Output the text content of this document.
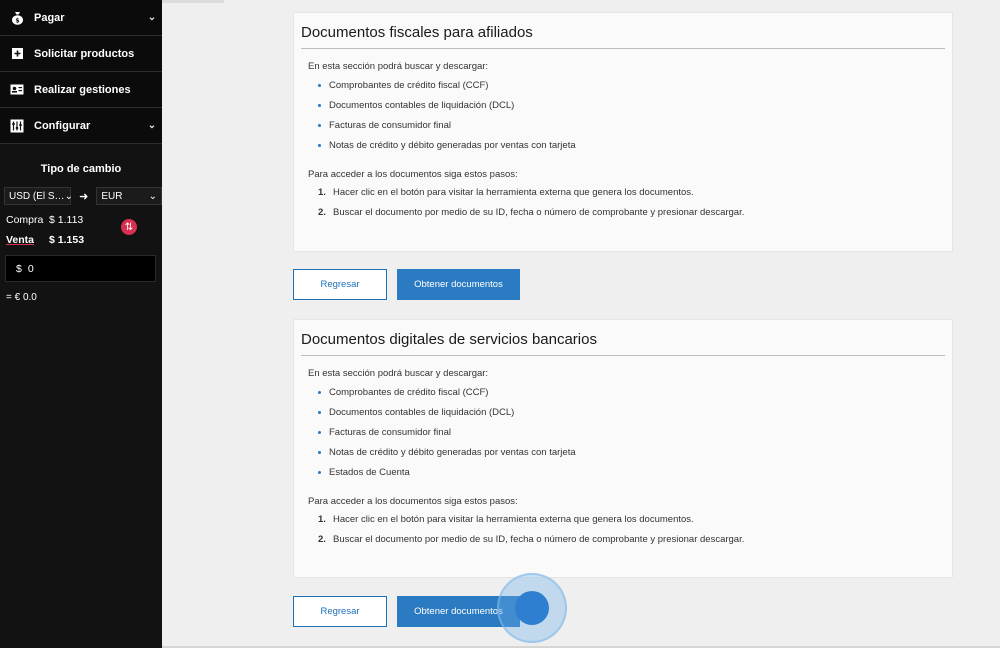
$ Pagar	⌄
Solicitar productos
Realizar gestiones
Configurar	⌄
Tipo de cambio
USD (El S… ⌄ ➜	EUR	⌄
Compra $ 1.113
Venta	$ 1.153
⇅
$
0
= € 0.0
Documentos fiscales para afiliados
En esta sección podrá buscar y descargar:
Comprobantes de crédito fiscal (CCF)
Documentos contables de liquidación (DCL)
Facturas de consumidor final
Notas de crédito y débito generadas por ventas con tarjeta
Para acceder a los documentos siga estos pasos:
1. Hacer clic en el botón para visitar la herramienta externa que genera los documentos.
2. Buscar el documento por medio de su ID, fecha o número de comprobante y presionar descargar.
Regresar	Obtener documentos
Documentos digitales de servicios bancarios
En esta sección podrá buscar y descargar:
Comprobantes de crédito fiscal (CCF)
Documentos contables de liquidación (DCL)
Facturas de consumidor final
Notas de crédito y débito generadas por ventas con tarjeta
Estados de Cuenta
Para acceder a los documentos siga estos pasos:
1. Hacer clic en el botón para visitar la herramienta externa que genera los documentos.
2. Buscar el documento por medio de su ID, fecha o número de comprobante y presionar descargar.
Regresar	Obtener documentos
